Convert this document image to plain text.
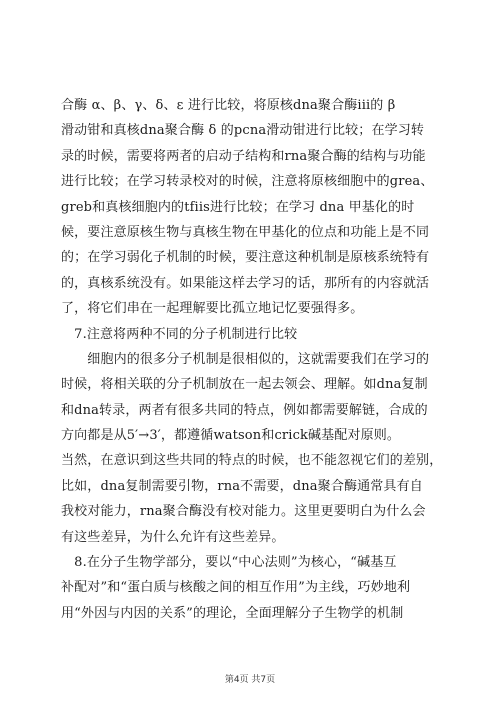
合酶 α、β、γ、δ、ε 进行比较，将原核dna聚合酶iii的 β
滑动钳和真核dna聚合酶 δ 的pcna滑动钳进行比较；在学习转
录的时候，需要将两者的启动子结构和rna聚合酶的结构与功能
进行比较；在学习转录校对的时候，注意将原核细胞中的grea、
greb和真核细胞内的tfiis进行比较；在学习 dna 甲基化的时
候，要注意原核生物与真核生物在甲基化的位点和功能上是不同
的；在学习弱化子机制的时候，要注意这种机制是原核系统特有
的，真核系统没有。如果能这样去学习的话，那所有的内容就活
了，将它们串在一起理解要比孤立地记忆要强得多。
　7.注意将两种不同的分子机制进行比较
　　细胞内的很多分子机制是很相似的，这就需要我们在学习的
时候，将相关联的分子机制放在一起去领会、理解。如dna复制
和dna转录，两者有很多共同的特点，例如都需要解链，合成的
方向都是从5′→3′，都遵循watson和crick碱基配对原则。
当然，在意识到这些共同的特点的时候，也不能忽视它们的差别，
比如，dna复制需要引物，rna不需要，dna聚合酶通常具有自
我校对能力，rna聚合酶没有校对能力。这里更要明白为什么会
有这些差异，为什么允许有这些差异。
　8.在分子生物学部分，要以“中心法则”为核心，“碱基互
补配对”和“蛋白质与核酸之间的相互作用”为主线，巧妙地利
用“外因与内因的关系”的理论，全面理解分子生物学的机制
第4页 共7页
